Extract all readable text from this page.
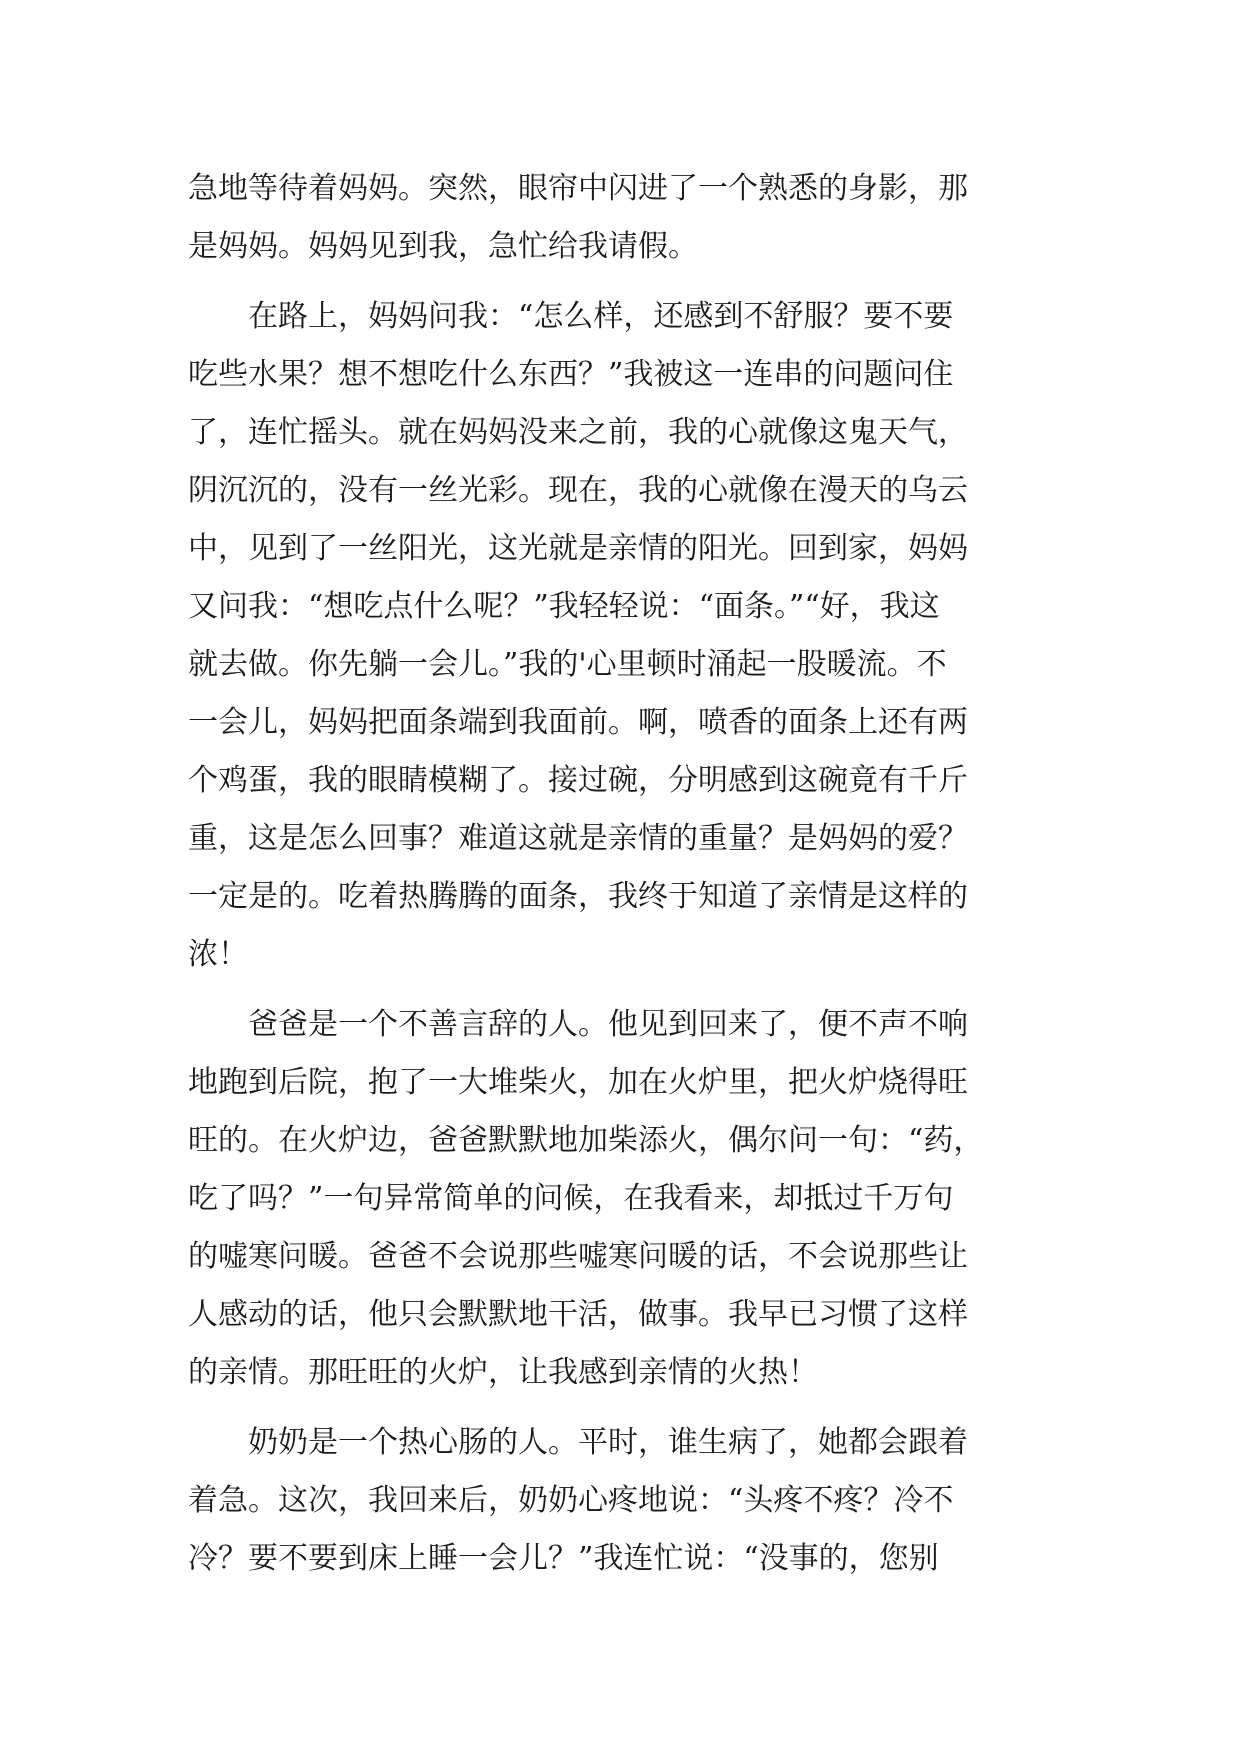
急地等待着妈妈。突然，眼帘中闪进了一个熟悉的身影，那
是妈妈。妈妈见到我，急忙给我请假。
　　在路上，妈妈问我：“怎么样，还感到不舒服？要不要
吃些水果？想不想吃什么东西？”我被这一连串的问题问住
了，连忙摇头。就在妈妈没来之前，我的心就像这鬼天气，
阴沉沉的，没有一丝光彩。现在，我的心就像在漫天的乌云
中，见到了一丝阳光，这光就是亲情的阳光。回到家，妈妈
又问我：“想吃点什么呢？”我轻轻说：“面条。”“好，我这
就去做。你先躺一会儿。”我的'心里顿时涌起一股暖流。不
一会儿，妈妈把面条端到我面前。啊，喷香的面条上还有两
个鸡蛋，我的眼睛模糊了。接过碗，分明感到这碗竟有千斤
重，这是怎么回事？难道这就是亲情的重量？是妈妈的爱？
一定是的。吃着热腾腾的面条，我终于知道了亲情是这样的
浓！
　　爸爸是一个不善言辞的人。他见到回来了，便不声不响
地跑到后院，抱了一大堆柴火，加在火炉里，把火炉烧得旺
旺的。在火炉边，爸爸默默地加柴添火，偶尔问一句：“药，
吃了吗？”一句异常简单的问候，在我看来，却抵过千万句
的嘘寒问暖。爸爸不会说那些嘘寒问暖的话，不会说那些让
人感动的话，他只会默默地干活，做事。我早已习惯了这样
的亲情。那旺旺的火炉，让我感到亲情的火热！
　　奶奶是一个热心肠的人。平时，谁生病了，她都会跟着
着急。这次，我回来后，奶奶心疼地说：“头疼不疼？冷不
冷？要不要到床上睡一会儿？”我连忙说：“没事的，您别
